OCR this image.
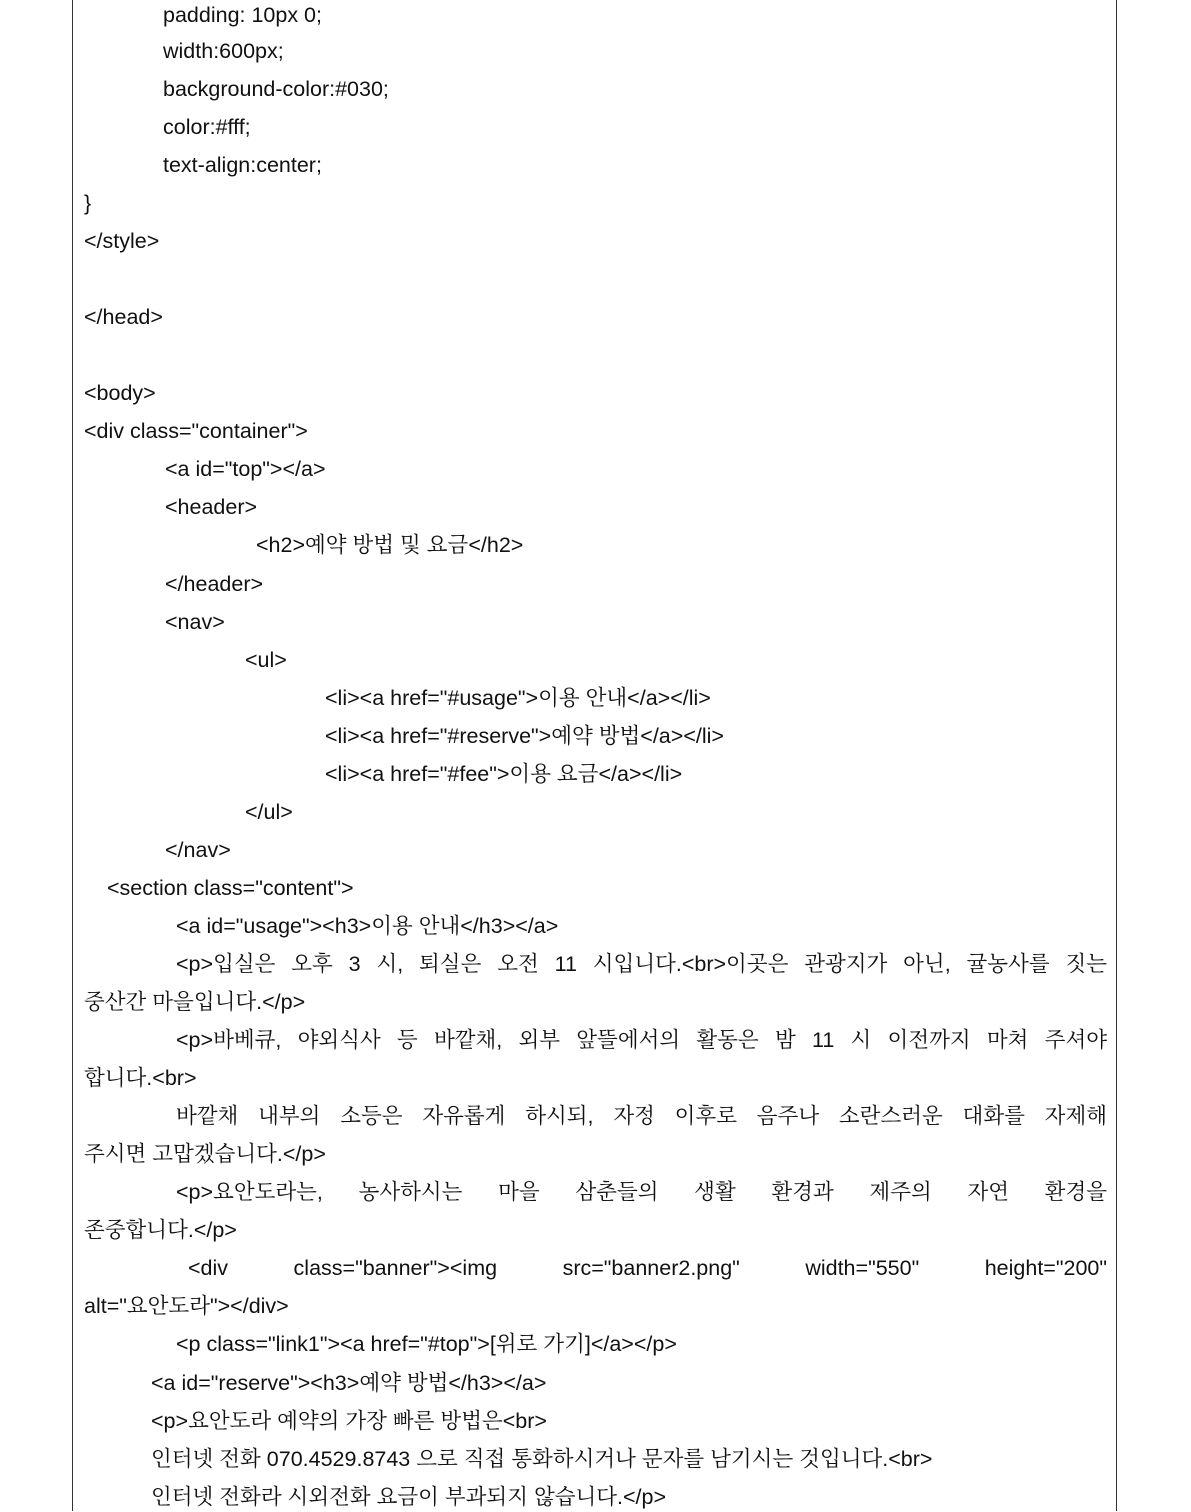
padding: 10px 0;
width:600px;
background-color:#030;
color:#fff;
text-align:center;
}
</style>
</head>
<body>
<div class="container">
<a id="top"></a>
<header>
<h2>예약 방법 및 요금</h2>
</header>
<nav>
<ul>
<li><a href="#usage">이용 안내</a></li>
<li><a href="#reserve">예약 방법</a></li>
<li><a href="#fee">이용 요금</a></li>
</ul>
</nav>
<section class="content">
<a id="usage"><h3>이용 안내</h3></a>
<p>입실은 오후 3 시, 퇴실은 오전 11 시입니다.<br>이곳은 관광지가 아닌, 귤농사를 짓는
중산간 마을입니다.</p>
<p>바베큐, 야외식사 등 바깥채, 외부 앞뜰에서의 활동은 밤 11 시 이전까지 마쳐 주셔야
합니다.<br>
바깥채 내부의 소등은 자유롭게 하시되, 자정 이후로 음주나 소란스러운 대화를 자제해
주시면 고맙겠습니다.</p>
<p>요안도라는, 농사하시는 마을 삼춘들의 생활 환경과 제주의 자연 환경을
존중합니다.</p>
<div class="banner"><img src="banner2.png" width="550" height="200"
alt="요안도라"></div>
<p class="link1"><a href="#top">[위로 가기]</a></p>
<a id="reserve"><h3>예약 방법</h3></a>
<p>요안도라 예약의 가장 빠른 방법은<br>
인터넷 전화 070.4529.8743 으로 직접 통화하시거나 문자를 남기시는 것입니다.<br>
인터넷 전화라 시외전화 요금이 부과되지 않습니다.</p>
